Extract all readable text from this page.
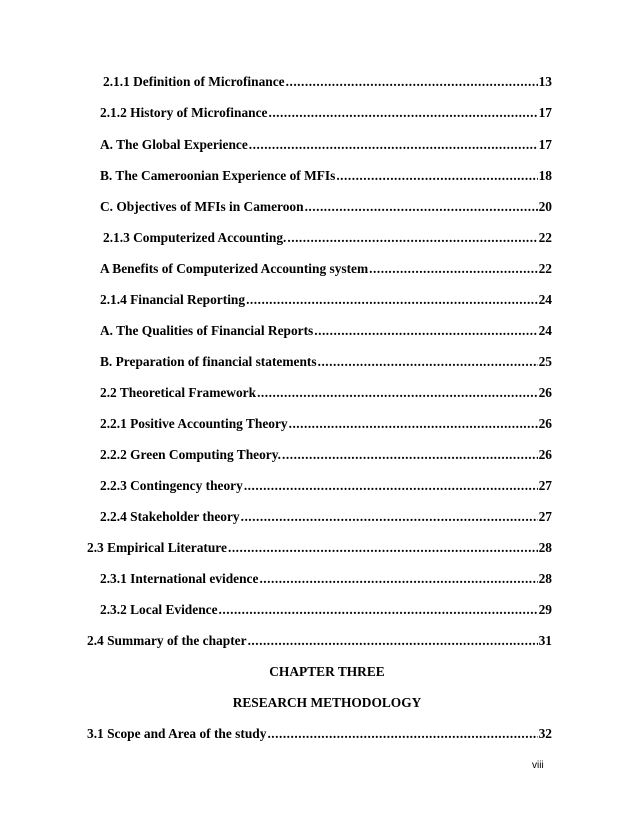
2.1.1 Definition of Microfinance .....	13
2.1.2 History of Microfinance .....	17
A. The Global Experience .....	17
B. The Cameroonian Experience of MFIs .....	18
C. Objectives of MFIs in Cameroon .....	20
2.1.3 Computerized Accounting. .....	22
A Benefits of Computerized Accounting system .....	22
2.1.4 Financial Reporting .....	24
A. The Qualities of Financial Reports .....	24
B. Preparation of financial statements .....	25
2.2 Theoretical Framework .....	26
2.2.1 Positive Accounting Theory .....	26
2.2.2 Green Computing Theory. .....	26
2.2.3 Contingency theory .....	27
2.2.4 Stakeholder theory .....	27
2.3 Empirical Literature .....	28
2.3.1 International evidence .....	28
2.3.2 Local Evidence .....	29
2.4 Summary of the chapter .....	31
CHAPTER THREE
RESEARCH METHODOLOGY
3.1 Scope and Area of the study .....	32
viii
